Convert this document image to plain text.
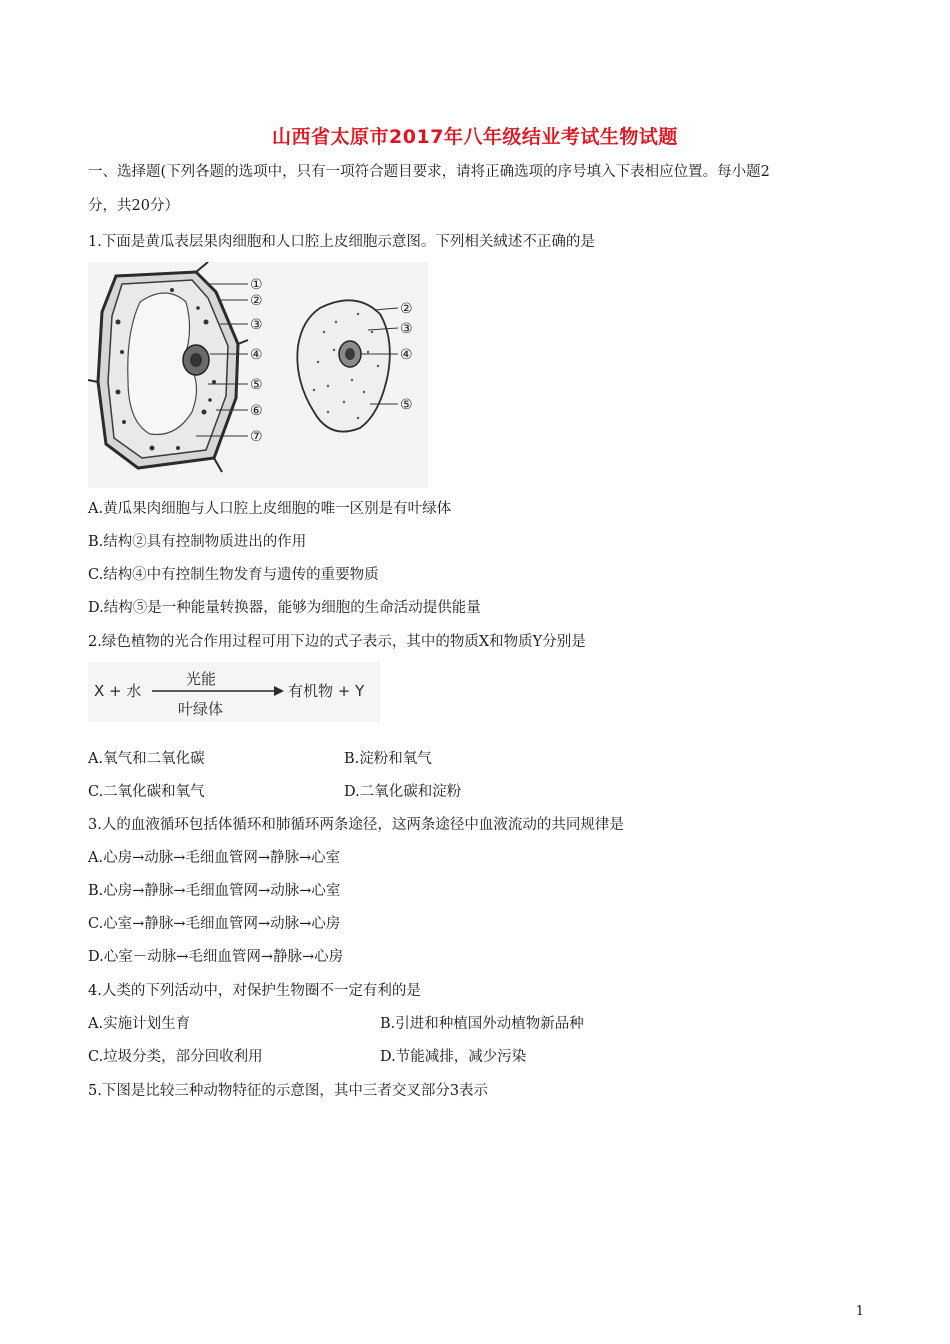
山西省太原市2017年八年级结业考试生物试题
一、选择题(下列各题的选项中，只有一项符合题目要求，请将正确选项的序号填入下表相应位置。每小题2
分，共20分）
1.下面是黄瓜表层果肉细胞和人口腔上皮细胞示意图。下列相关絨述不正确的是
①
②
③
④
⑤
⑥
⑦
②
③
④
⑤
A.黄瓜果肉细胞与人口腔上皮细胞的唯一区别是有叶绿体
B.结构②具有控制物质进出的作用
C.结构④中有控制生物发育与遗传的重要物质
D.结构⑤是一种能量转换器，能够为细胞的生命活动提供能量
2.绿色植物的光合作用过程可用下边的式子表示，其中的物质X和物质Y分别是
X + 水
光能
叶绿体
有机物 + Y
A.氧气和二氧化碳	B.淀粉和氧气
C.二氧化碳和氧气	D.二氧化碳和淀粉
3.人的血液循环包括体循环和肺循环两条途径，这两条途径中血液流动的共同规律是
A.心房→动脉→毛细血管网→静脉→心室
B.心房→静脉→毛细血管网→动脉→心室
C.心室→静脉→毛细血管网→动脉→心房
D.心室－动脉→毛细血管网→静脉→心房
4.人类的下列活动中，对保护生物圈不一定有利的是
A.实施计划生育	B.引进和种植国外动植物新品种
C.垃圾分类，部分回收利用	D.节能减排，减少污染
5.下图是比较三种动物特征的示意图，其中三者交叉部分3表示
1
